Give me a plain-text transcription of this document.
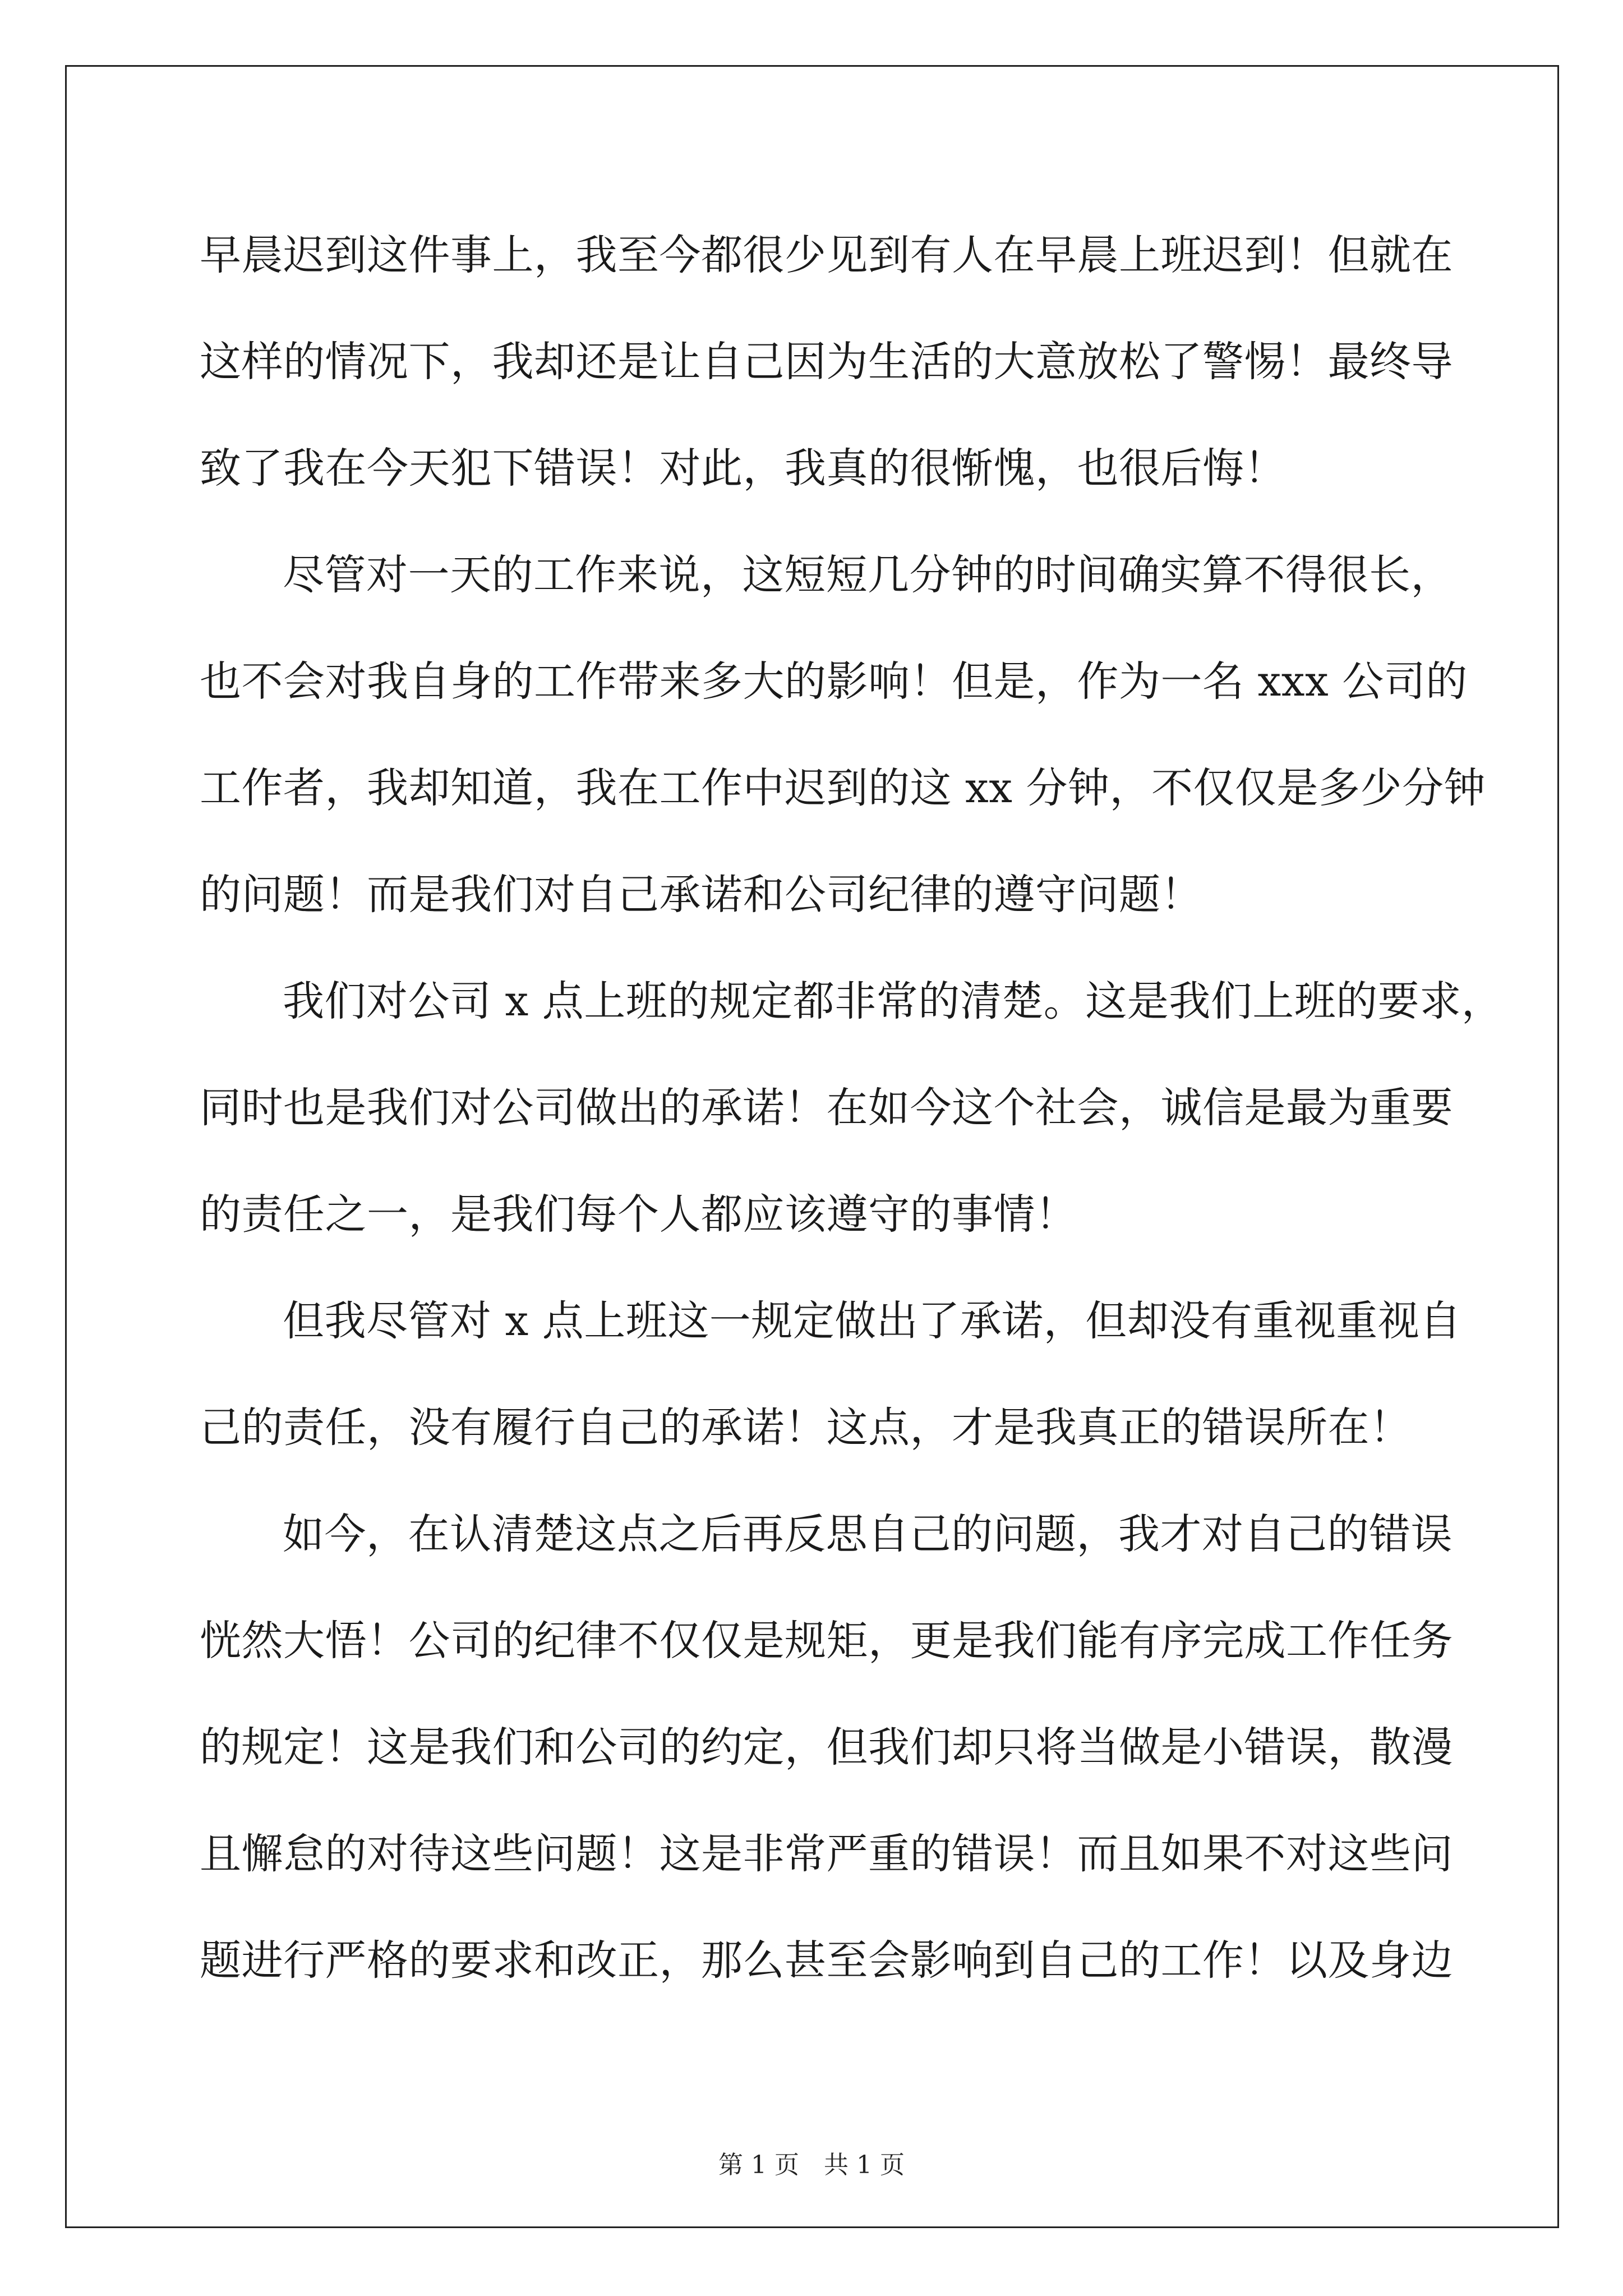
早晨迟到这件事上，我至今都很少见到有人在早晨上班迟到！但就在
这样的情况下，我却还是让自己因为生活的大意放松了警惕！最终导
致了我在今天犯下错误！对此，我真的很惭愧，也很后悔！
尽管对一天的工作来说，这短短几分钟的时间确实算不得很长，
也不会对我自身的工作带来多大的影响！但是，作为一名 xxx 公司的
工作者，我却知道，我在工作中迟到的这 xx 分钟，不仅仅是多少分钟
的问题！而是我们对自己承诺和公司纪律的遵守问题！
我们对公司 x 点上班的规定都非常的清楚。这是我们上班的要求，
同时也是我们对公司做出的承诺！在如今这个社会，诚信是最为重要
的责任之一，是我们每个人都应该遵守的事情！
但我尽管对 x 点上班这一规定做出了承诺，但却没有重视重视自
己的责任，没有履行自己的承诺！这点，才是我真正的错误所在！
如今，在认清楚这点之后再反思自己的问题，我才对自己的错误
恍然大悟！公司的纪律不仅仅是规矩，更是我们能有序完成工作任务
的规定！这是我们和公司的约定，但我们却只将当做是小错误，散漫
且懈怠的对待这些问题！这是非常严重的错误！而且如果不对这些问
题进行严格的要求和改正，那么甚至会影响到自己的工作！以及身边
第 1 页　共 1 页
